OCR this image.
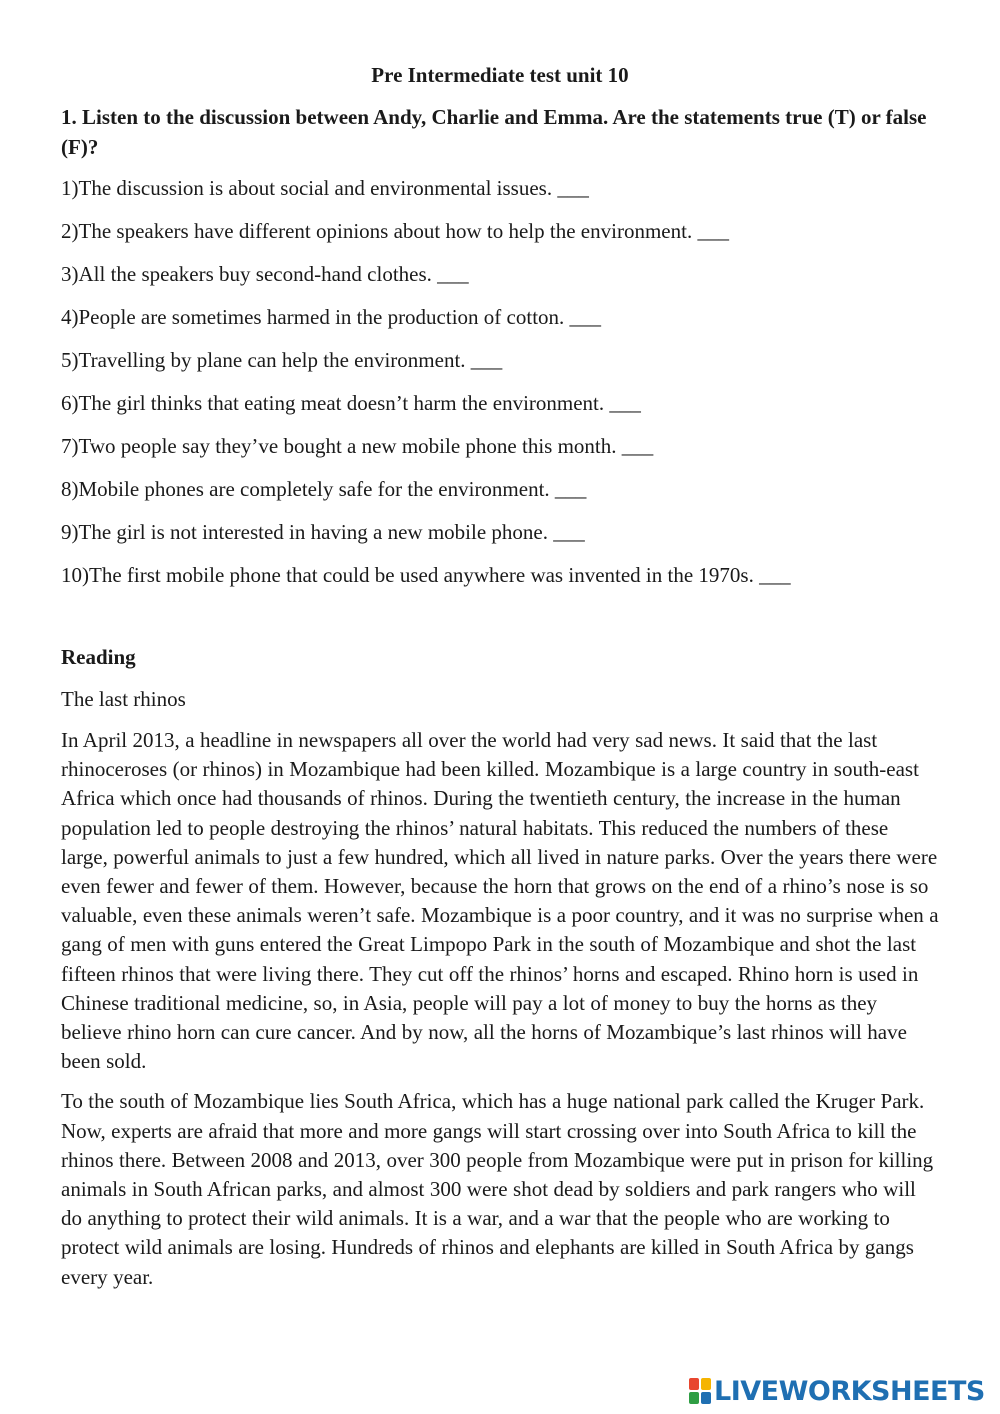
Pre Intermediate test unit 10
1. Listen to the discussion between Andy, Charlie and Emma. Are the statements true (T) or false (F)?
1)The discussion is about social and environmental issues. ___
2)The speakers have different opinions about how to help the environment. ___
3)All the speakers buy second-hand clothes. ___
4)People are sometimes harmed in the production of cotton. ___
5)Travelling by plane can help the environment. ___
6)The girl thinks that eating meat doesn’t harm the environment. ___
7)Two people say they’ve bought a new mobile phone this month. ___
8)Mobile phones are completely safe for the environment. ___
9)The girl is not interested in having a new mobile phone. ___
10)The first mobile phone that could be used anywhere was invented in the 1970s. ___
Reading
The last rhinos

In April 2013, a headline in newspapers all over the world had very sad news. It said that the last rhinoceroses (or rhinos) in Mozambique had been killed. Mozambique is a large country in south-east Africa which once had thousands of rhinos. During the twentieth century, the increase in the human population led to people destroying the rhinos’ natural habitats. This reduced the numbers of these large, powerful animals to just a few hundred, which all lived in nature parks. Over the years there were even fewer and fewer of them. However, because the horn that grows on the end of a rhino’s nose is so valuable, even these animals weren’t safe. Mozambique is a poor country, and it was no surprise when a gang of men with guns entered the Great Limpopo Park in the south of Mozambique and shot the last fifteen rhinos that were living there. They cut off the rhinos’ horns and escaped. Rhino horn is used in Chinese traditional medicine, so, in Asia, people will pay a lot of money to buy the horns as they believe rhino horn can cure cancer. And by now, all the horns of Mozambique’s last rhinos will have been sold.

To the south of Mozambique lies South Africa, which has a huge national park called the Kruger Park. Now, experts are afraid that more and more gangs will start crossing over into South Africa to kill the rhinos there. Between 2008 and 2013, over 300 people from Mozambique were put in prison for killing animals in South African parks, and almost 300 were shot dead by soldiers and park rangers who will do anything to protect their wild animals. It is a war, and a war that the people who are working to protect wild animals are losing. Hundreds of rhinos and elephants are killed in South Africa by gangs every year.

LIVEWORKSHEETS
